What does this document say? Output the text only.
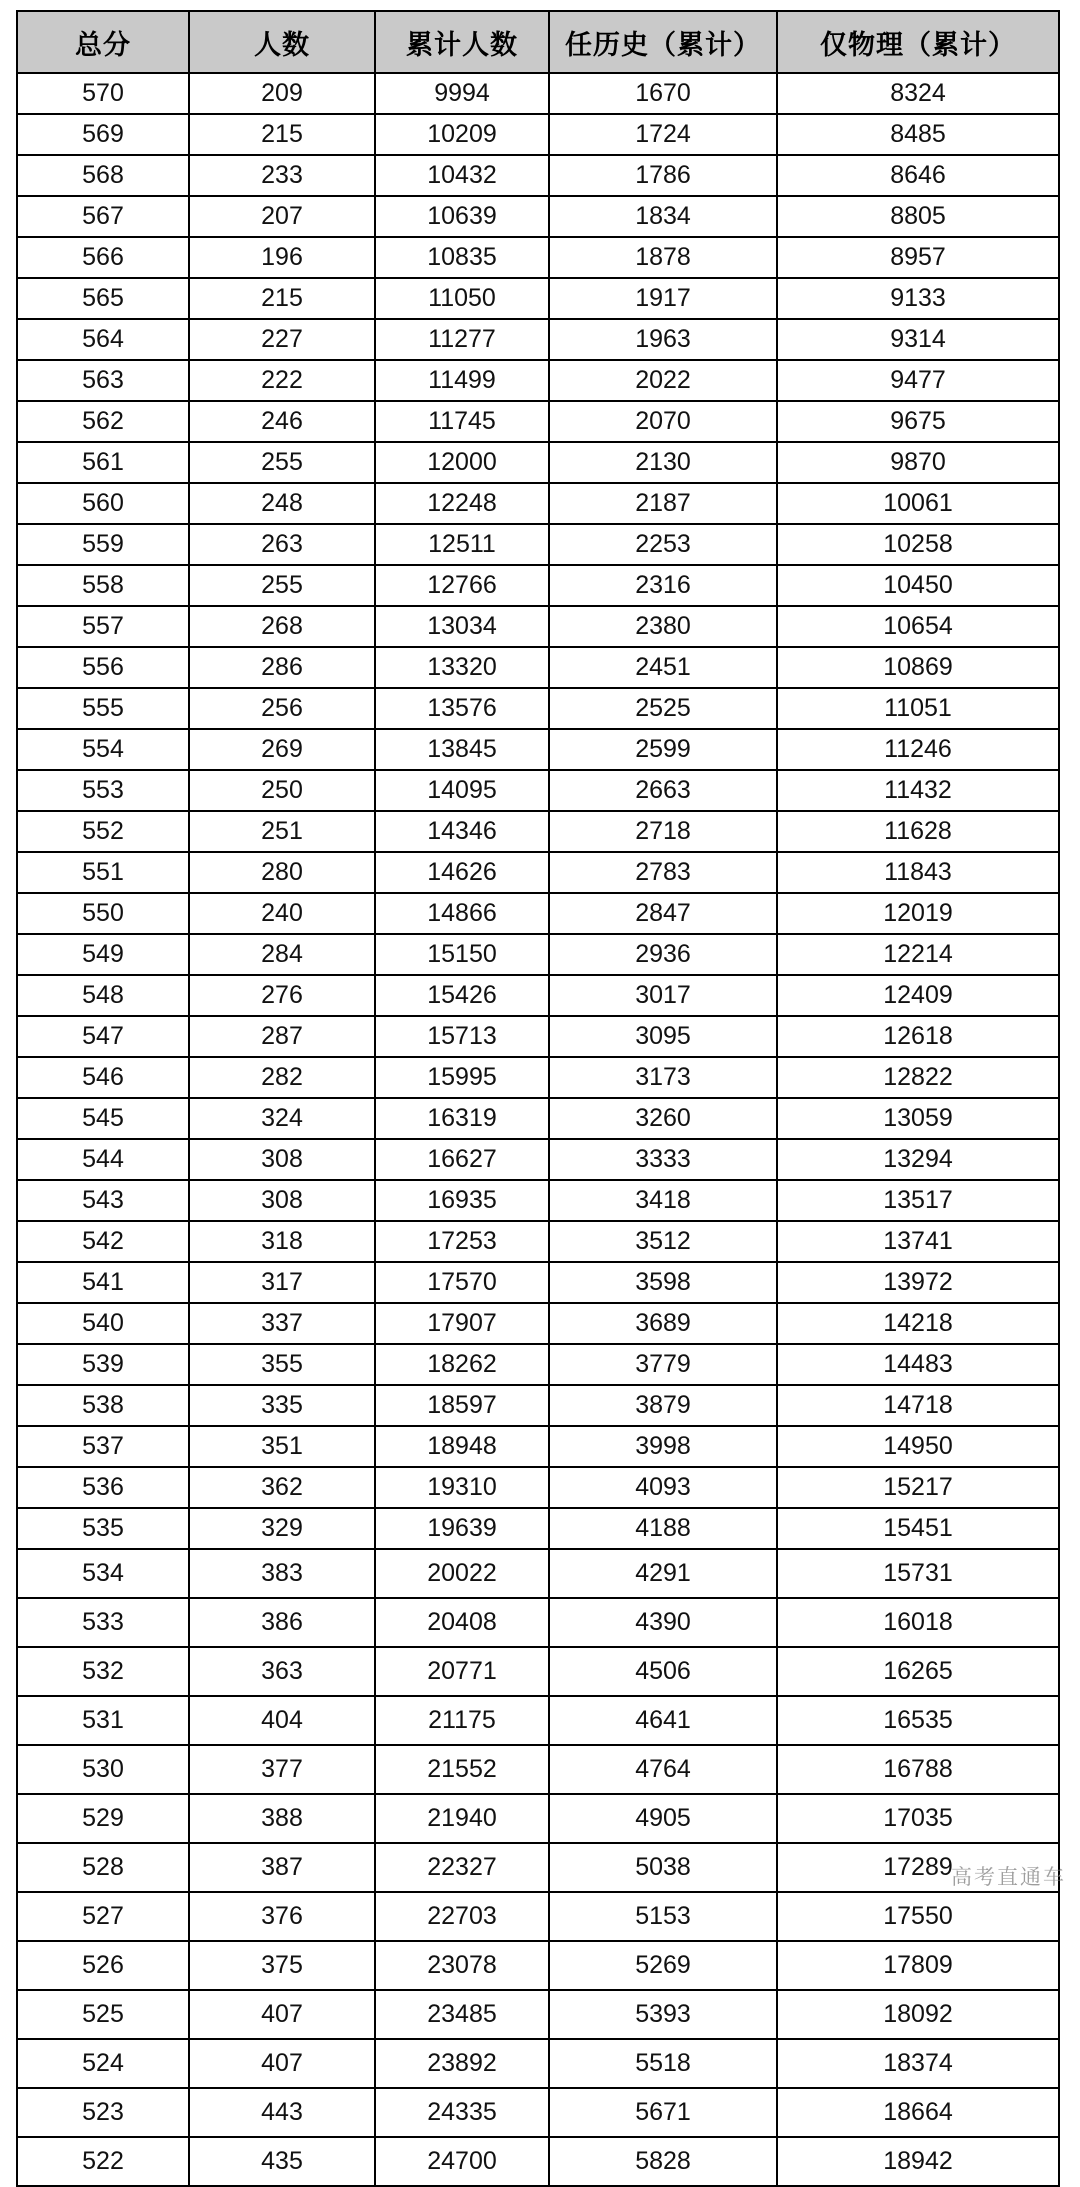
总分	人数	累计人数	任历史（累计）	仅物理（累计）
570	209	9994	1670	8324
569	215	10209	1724	8485
568	233	10432	1786	8646
567	207	10639	1834	8805
566	196	10835	1878	8957
565	215	11050	1917	9133
564	227	11277	1963	9314
563	222	11499	2022	9477
562	246	11745	2070	9675
561	255	12000	2130	9870
560	248	12248	2187	10061
559	263	12511	2253	10258
558	255	12766	2316	10450
557	268	13034	2380	10654
556	286	13320	2451	10869
555	256	13576	2525	11051
554	269	13845	2599	11246
553	250	14095	2663	11432
552	251	14346	2718	11628
551	280	14626	2783	11843
550	240	14866	2847	12019
549	284	15150	2936	12214
548	276	15426	3017	12409
547	287	15713	3095	12618
546	282	15995	3173	12822
545	324	16319	3260	13059
544	308	16627	3333	13294
543	308	16935	3418	13517
542	318	17253	3512	13741
541	317	17570	3598	13972
540	337	17907	3689	14218
539	355	18262	3779	14483
538	335	18597	3879	14718
537	351	18948	3998	14950
536	362	19310	4093	15217
535	329	19639	4188	15451
534	383	20022	4291	15731
533	386	20408	4390	16018
532	363	20771	4506	16265
531	404	21175	4641	16535
530	377	21552	4764	16788
529	388	21940	4905	17035
528	387	22327	5038	17289
527	376	22703	5153	17550
526	375	23078	5269	17809
525	407	23485	5393	18092
524	407	23892	5518	18374
523	443	24335	5671	18664
522	435	24700	5828	18942
高考直通车
